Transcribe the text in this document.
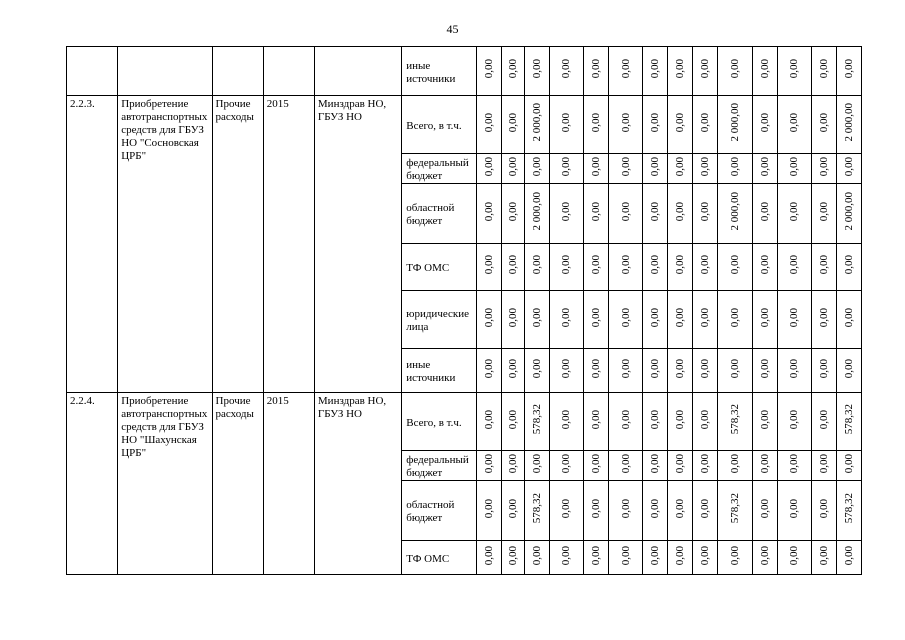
45
					иные источники	0,00	0,00	0,00	0,00	0,00	0,00	0,00	0,00	0,00	0,00	0,00	0,00	0,00	0,00
2.2.3.	Приобретение автотранспортных средств для ГБУЗ НО "Сосновская ЦРБ"	Прочие расходы	2015	Минздрав НО, ГБУЗ НО	Всего, в т.ч.	0,00	0,00	2 000,00	0,00	0,00	0,00	0,00	0,00	0,00	2 000,00	0,00	0,00	0,00	2 000,00
					федеральный бюджет	0,00	0,00	0,00	0,00	0,00	0,00	0,00	0,00	0,00	0,00	0,00	0,00	0,00	0,00
					областной бюджет	0,00	0,00	2 000,00	0,00	0,00	0,00	0,00	0,00	0,00	2 000,00	0,00	0,00	0,00	2 000,00
					ТФ ОМС	0,00	0,00	0,00	0,00	0,00	0,00	0,00	0,00	0,00	0,00	0,00	0,00	0,00	0,00
					юридические лица	0,00	0,00	0,00	0,00	0,00	0,00	0,00	0,00	0,00	0,00	0,00	0,00	0,00	0,00
					иные источники	0,00	0,00	0,00	0,00	0,00	0,00	0,00	0,00	0,00	0,00	0,00	0,00	0,00	0,00
2.2.4.	Приобретение автотранспортных средств для ГБУЗ НО "Шахунская ЦРБ"	Прочие расходы	2015	Минздрав НО, ГБУЗ НО	Всего, в т.ч.	0,00	0,00	578,32	0,00	0,00	0,00	0,00	0,00	0,00	578,32	0,00	0,00	0,00	578,32
					федеральный бюджет	0,00	0,00	0,00	0,00	0,00	0,00	0,00	0,00	0,00	0,00	0,00	0,00	0,00	0,00
					областной бюджет	0,00	0,00	578,32	0,00	0,00	0,00	0,00	0,00	0,00	578,32	0,00	0,00	0,00	578,32
					ТФ ОМС	0,00	0,00	0,00	0,00	0,00	0,00	0,00	0,00	0,00	0,00	0,00	0,00	0,00	0,00
